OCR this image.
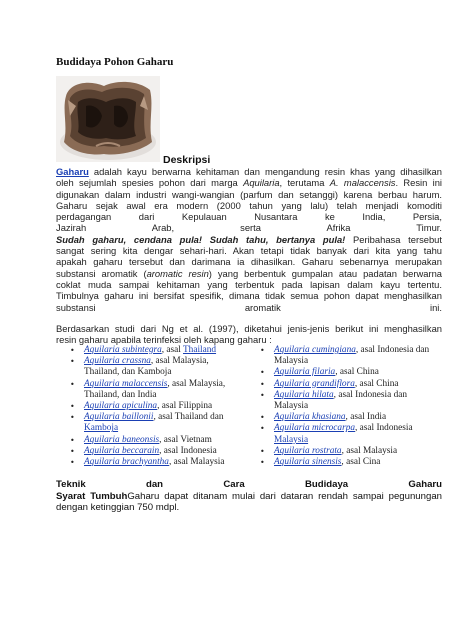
Budidaya Pohon Gaharu
Deskripsi
Gaharu adalah kayu berwarna kehitaman dan mengandung resin khas yang dihasilkan
oleh sejumlah spesies pohon dari marga Aquilaria, terutama A. malaccensis. Resin ini
digunakan dalam industri wangi-wangian (parfum dan setanggi) karena berbau harum.
Gaharu sejak awal era modern (2000 tahun yang lalu) telah menjadi komoditi
perdagangan dari Kepulauan Nusantara ke India, Persia,
Jazirah Arab, serta Afrika Timur.
Sudah gaharu, cendana pula! Sudah tahu, bertanya pula! Peribahasa tersebut
sangat sering kita dengar sehari-hari. Akan tetapi tidak banyak dari kita yang tahu
apakah gaharu tersebut dan darimana ia dihasilkan. Gaharu sebenarnya merupakan
substansi aromatik (aromatic resin) yang berbentuk gumpalan atau padatan berwarna
coklat muda sampai kehitaman yang terbentuk pada lapisan dalam kayu tertentu.
Timbulnya gaharu ini bersifat spesifik, dimana tidak semua pohon dapat menghasilkan
substansi aromatik ini.
Berdasarkan studi dari Ng et al. (1997), diketahui jenis-jenis berikut ini menghasilkan
resin gaharu apabila terinfeksi oleh kapang gaharu :
• Aquilaria subintegra, asal Thailand
• Aquilaria crassna, asal Malaysia, Thailand, dan Kamboja
• Aquilaria malaccensis, asal Malaysia, Thailand, dan India
• Aquilaria apiculina, asal Filippina
• Aquilaria baillonii, asal Thailand dan Kamboja
• Aquilaria baneonsis, asal Vietnam
• Aquilaria beccarain, asal Indonesia
• Aquilaria brachyantha, asal Malaysia
• Aquilaria cumingiana, asal Indonesia dan Malaysia
• Aquilaria filaria, asal China
• Aquilaria grandiflora, asal China
• Aquilaria hilata, asal Indonesia dan Malaysia
• Aquilaria khasiana, asal India
• Aquilaria microcarpa, asal Indonesia Malaysia
• Aquilaria rostrata, asal Malaysia
• Aquilaria sinensis, asal Cina
Teknik dan Cara Budidaya Gaharu
Syarat TumbuhGaharu dapat ditanam mulai dari dataran rendah sampai pegunungan
dengan ketinggian 750 mdpl.
